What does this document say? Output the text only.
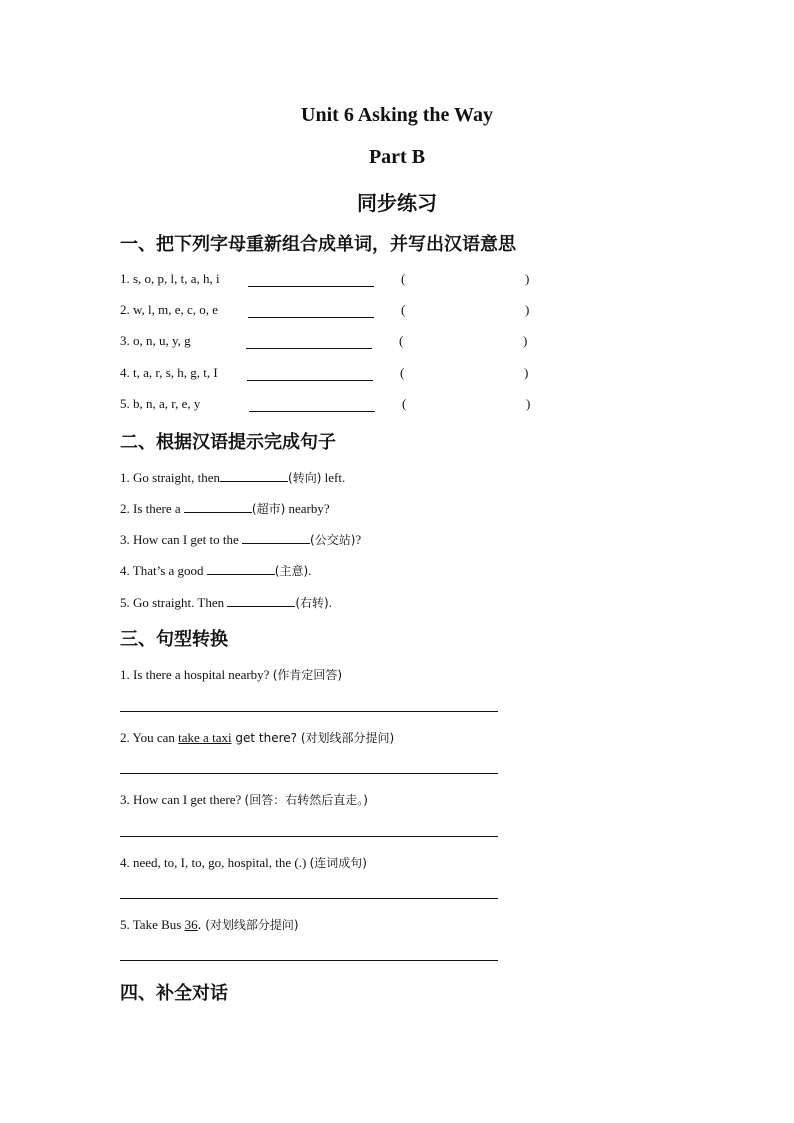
Unit 6 Asking the Way
Part B
同步练习
一、把下列字母重新组合成单词，并写出汉语意思
1. s, o, p, l, t, a, h, i	(	)
2. w, l, m, e, c, o, e	(	)
3. o, n, u, y, g	(	)
4. t, a, r, s, h, g, t, I	(	)
5. b, n, a, r, e, y	(	)
二、根据汉语提示完成句子
1. Go straight, then	(转向) left.
2. Is there a	(超市) nearby?
3. How can I get to the	(公交站)?
4. That’s a good	(主意).
5. Go straight. Then	(右转).
三、句型转换
1. Is there a hospital nearby? (作肯定回答)
2. You can take a taxi get there? (对划线部分提问)
3. How can I get there? (回答：右转然后直走。)
4. need, to, I, to, go, hospital, the (.) (连词成句)
5. Take Bus 36. (对划线部分提问)
四、补全对话
